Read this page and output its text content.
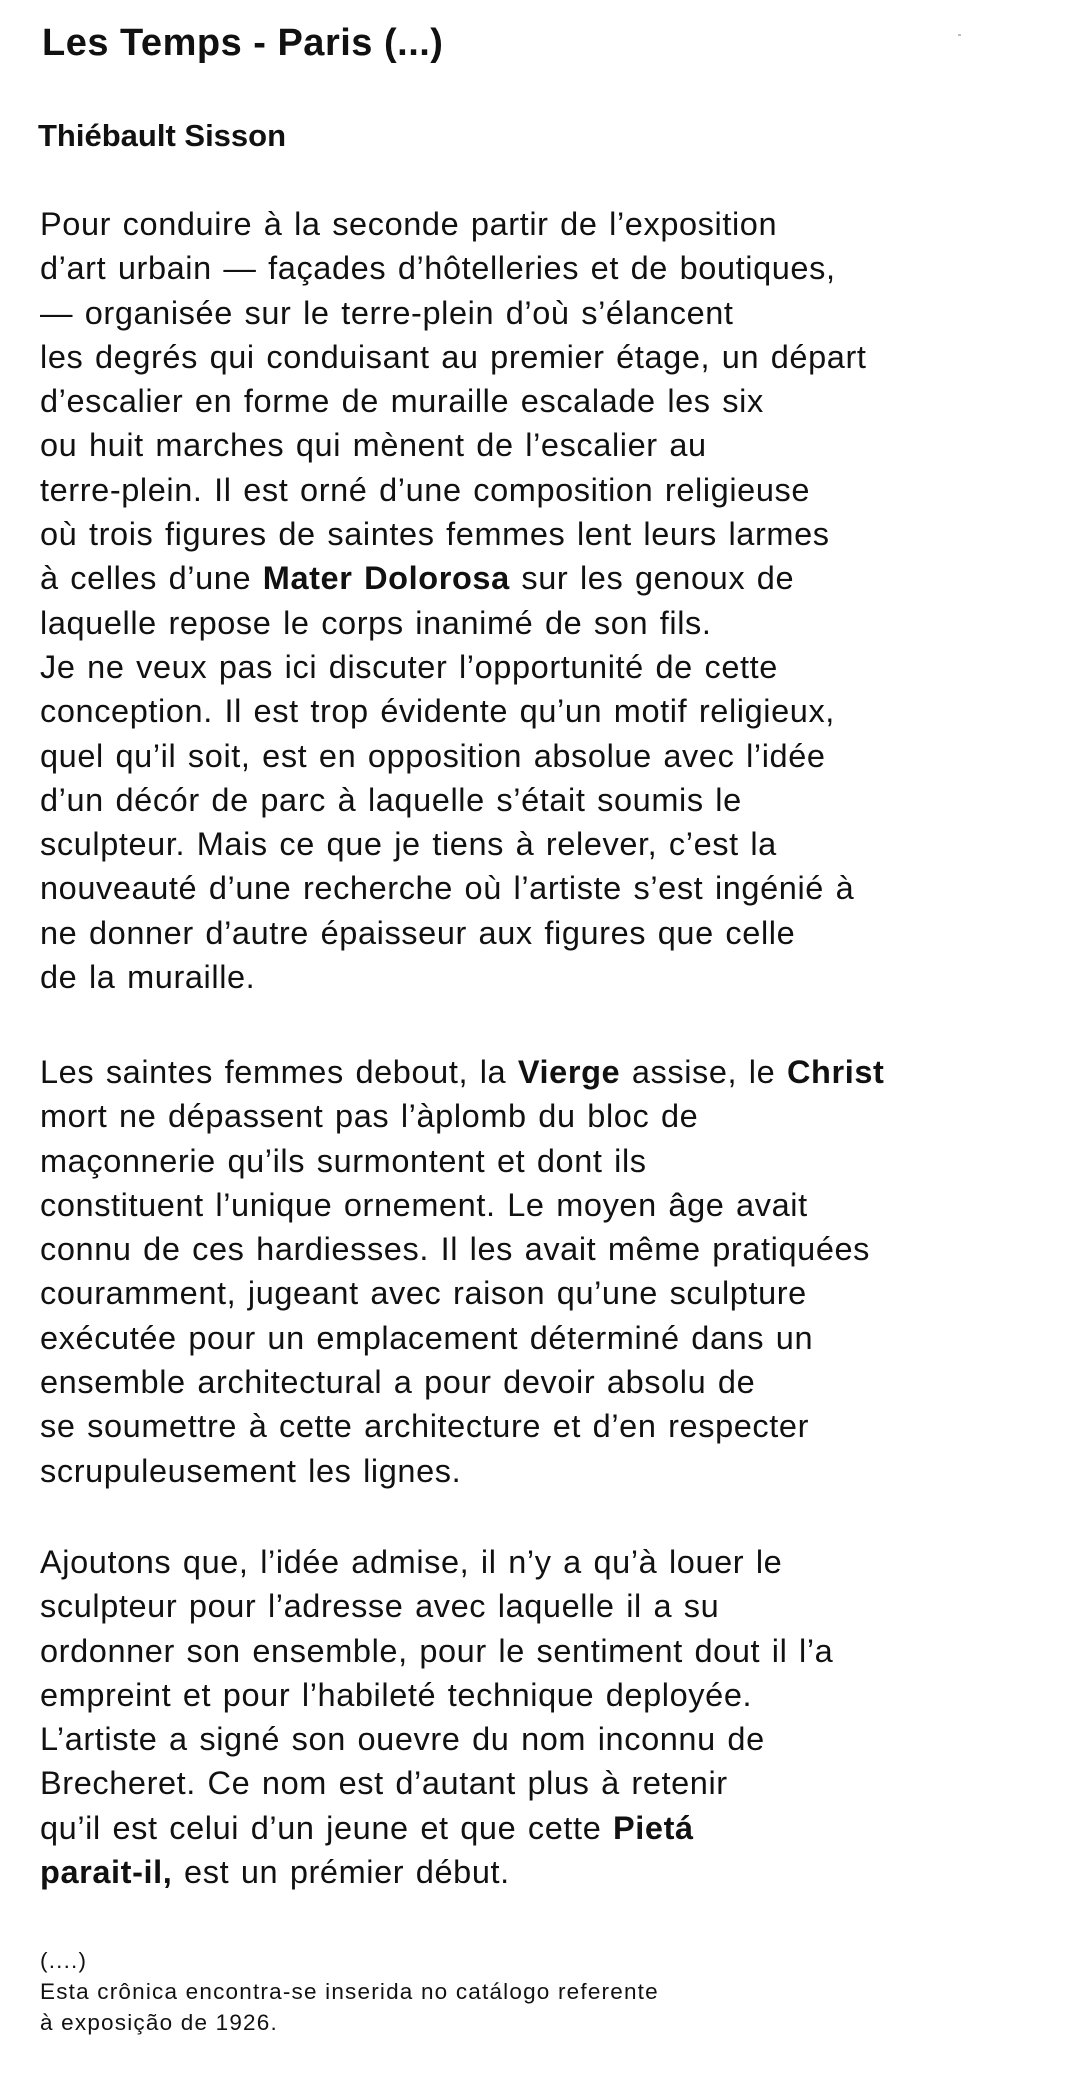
Les Temps - Paris (...)
Thiébault Sisson
Pour conduire à la seconde partir de l’exposition
d’art urbain — façades d’hôtelleries et de boutiques,
— organisée sur le terre-plein d’où s’élancent
les degrés qui conduisant au premier étage, un départ
d’escalier en forme de muraille escalade les six
ou huit marches qui mènent de l’escalier au
terre-plein. Il est orné d’une composition religieuse
où trois figures de saintes femmes lent leurs larmes
à celles d’une Mater Dolorosa sur les genoux de
laquelle repose le corps inanimé de son fils.
Je ne veux pas ici discuter l’opportunité de cette
conception. Il est trop évidente qu’un motif religieux,
quel qu’il soit, est en opposition absolue avec l’idée
d’un décór de parc à laquelle s’était soumis le
sculpteur. Mais ce que je tiens à relever, c’est la
nouveauté d’une recherche où l’artiste s’est ingénié à
ne donner d’autre épaisseur aux figures que celle
de la muraille.
Les saintes femmes debout, la Vierge assise, le Christ
mort ne dépassent pas l’àplomb du bloc de
maçonnerie qu’ils surmontent et dont ils
constituent l’unique ornement. Le moyen âge avait
connu de ces hardiesses. Il les avait même pratiquées
couramment, jugeant avec raison qu’une sculpture
exécutée pour un emplacement déterminé dans un
ensemble architectural a pour devoir absolu de
se soumettre à cette architecture et d’en respecter
scrupuleusement les lignes.
Ajoutons que, l’idée admise, il n’y a qu’à louer le
sculpteur pour l’adresse avec laquelle il a su
ordonner son ensemble, pour le sentiment dout il l’a
empreint et pour l’habileté technique deployée.
L’artiste a signé son ouevre du nom inconnu de
Brecheret. Ce nom est d’autant plus à retenir
qu’il est celui d’un jeune et que cette Pietá
parait-il, est un prémier début.
(....)
Esta crônica encontra-se inserida no catálogo referente
à exposição de 1926.
